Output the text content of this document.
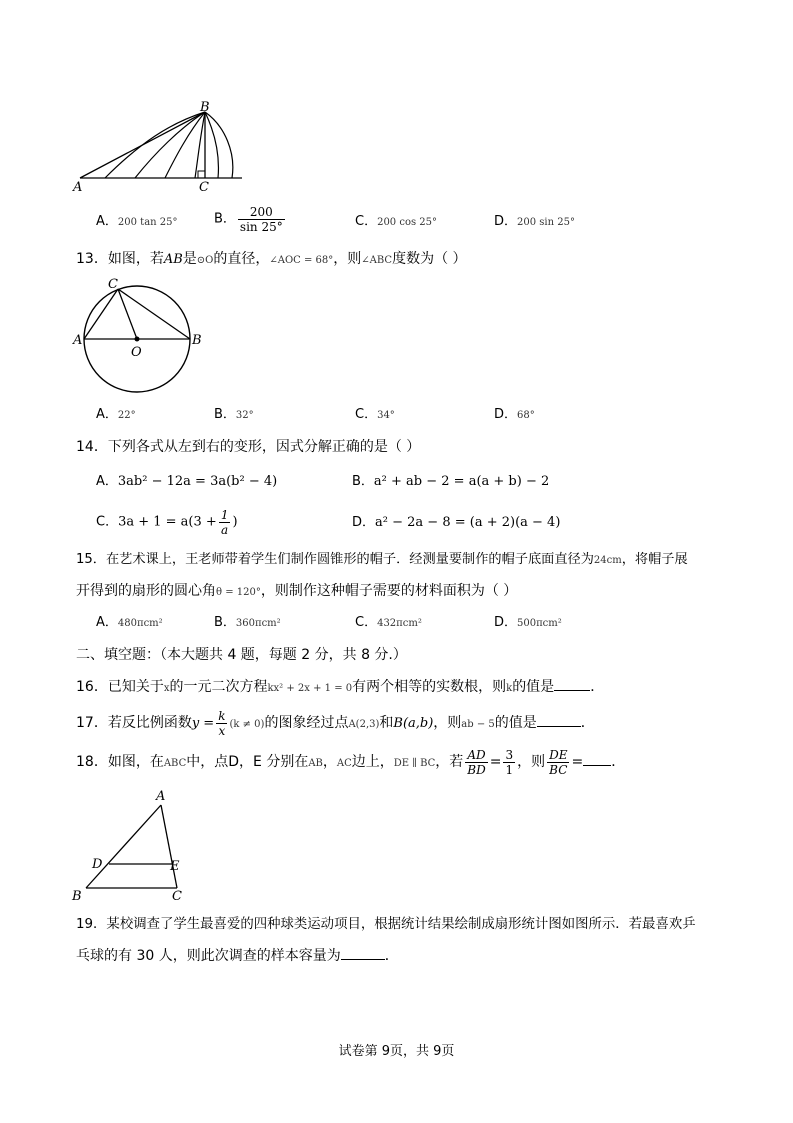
B
A	C
A．200 tan 25°	B． $\frac{200}{\sin 25^\circ}$	C．200 cos 25°	D．200 sin 25°
13．如图，若AB是⊙O的直径，∠AOC = 68°，则∠ABC度数为（ ）
C
A	B
O
A．22°	B．32°	C．34°	D．68°
14．下列各式从左到右的变形，因式分解正确的是（ ）
A．3ab² − 12a = 3a(b² − 4)	B．a² + ab − 2 = a(a + b) − 2
C．$3a + 1 = a(3 + \frac{1}{a}$ )	D．a² − 2a − 8 = (a + 2)(a − 4)
15．在艺术课上，王老师带着学生们制作圆锥形的帽子．经测量要制作的帽子底面直径为24cm，将帽子展
开得到的扇形的圆心角θ = 120°，则制作这种帽子需要的材料面积为（ ）
A．480πcm²	B．360πcm²	C．432πcm²	D．500πcm²
二、填空题：（本大题共 4 题，每题 2 分，共 8 分.）
16．已知关于x的一元二次方程kx² + 2x + 1 = 0有两个相等的实数根，则k的值是	．
17．若反比例函数$y = \frac{k}{x} (k \ne 0)$的图象经过点A(2,3)和B(a,b)，则ab − 5的值是	．
18．如图，在ABC中，点D，E 分别在AB，AC边上，DE ∥ BC，若 $\frac{AD}{BD} = \frac{3}{1}$ ，则 $\frac{DE}{BC}$ = ．
A
D	E
B	C
19．某校调查了学生最喜爱的四种球类运动项目，根据统计结果绘制成扇形统计图如图所示．若最喜欢乒
乓球的有 30 人，则此次调查的样本容量为	．
试卷第 9页，共 9页
